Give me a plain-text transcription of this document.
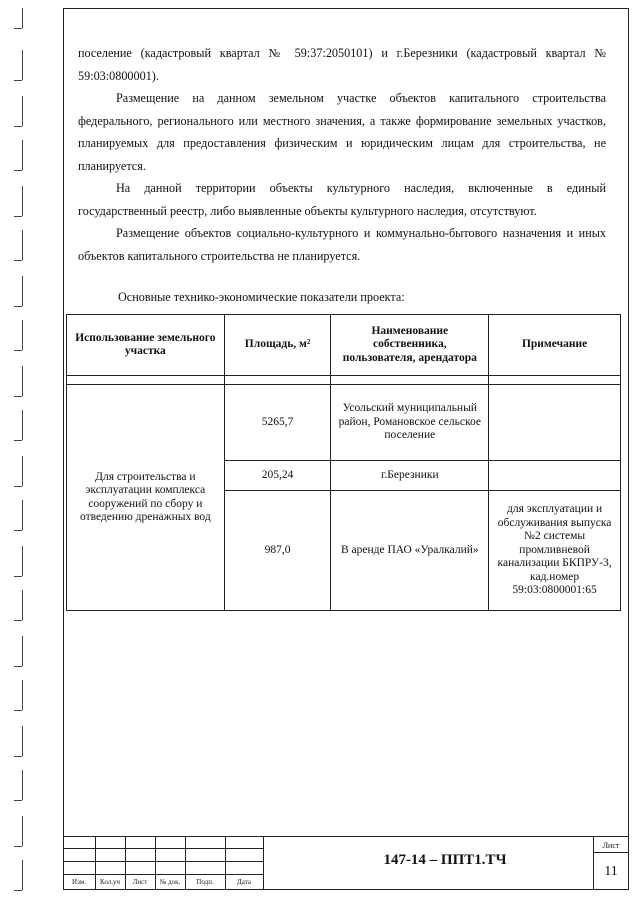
поселение (кадастровый квартал № 59:37:2050101) и г.Березники (кадастровый квартал № 59:03:0800001).

Размещение на данном земельном участке объектов капитального строительства федерального, регионального или местного значения, а также формирование земельных участков, планируемых для предоставления физическим и юридическим лицам для строительства, не планируется.

На данной территории объекты культурного наследия, включенные в единый государственный реестр, либо выявленные объекты культурного наследия, отсутствуют.

Размещение объектов социально-культурного и коммунально-бытового назначения и иных объектов капитального строительства не планируется.

Основные технико-экономические показатели проекта:
Использование земельного участка	Площадь, м²	Наименование собственника, пользователя, арендатора	Примечание

Для строительства и эксплуатации комплекса сооружений по сбору и отведению дренажных вод	5265,7	Усольский муниципальный район, Романовское сельское поселение	
	205,24	г.Березники	
	987,0	В аренде ПАО «Уралкалий»	для эксплуатации и обслуживания выпуска №2 системы промливневой канализации БКПРУ-3, кад.номер 59:03:0800001:65
Изм.	Кол.уч	Лист	№ док.	Подп.	Дата
147-14 – ППТ1.ТЧ
Лист
11
